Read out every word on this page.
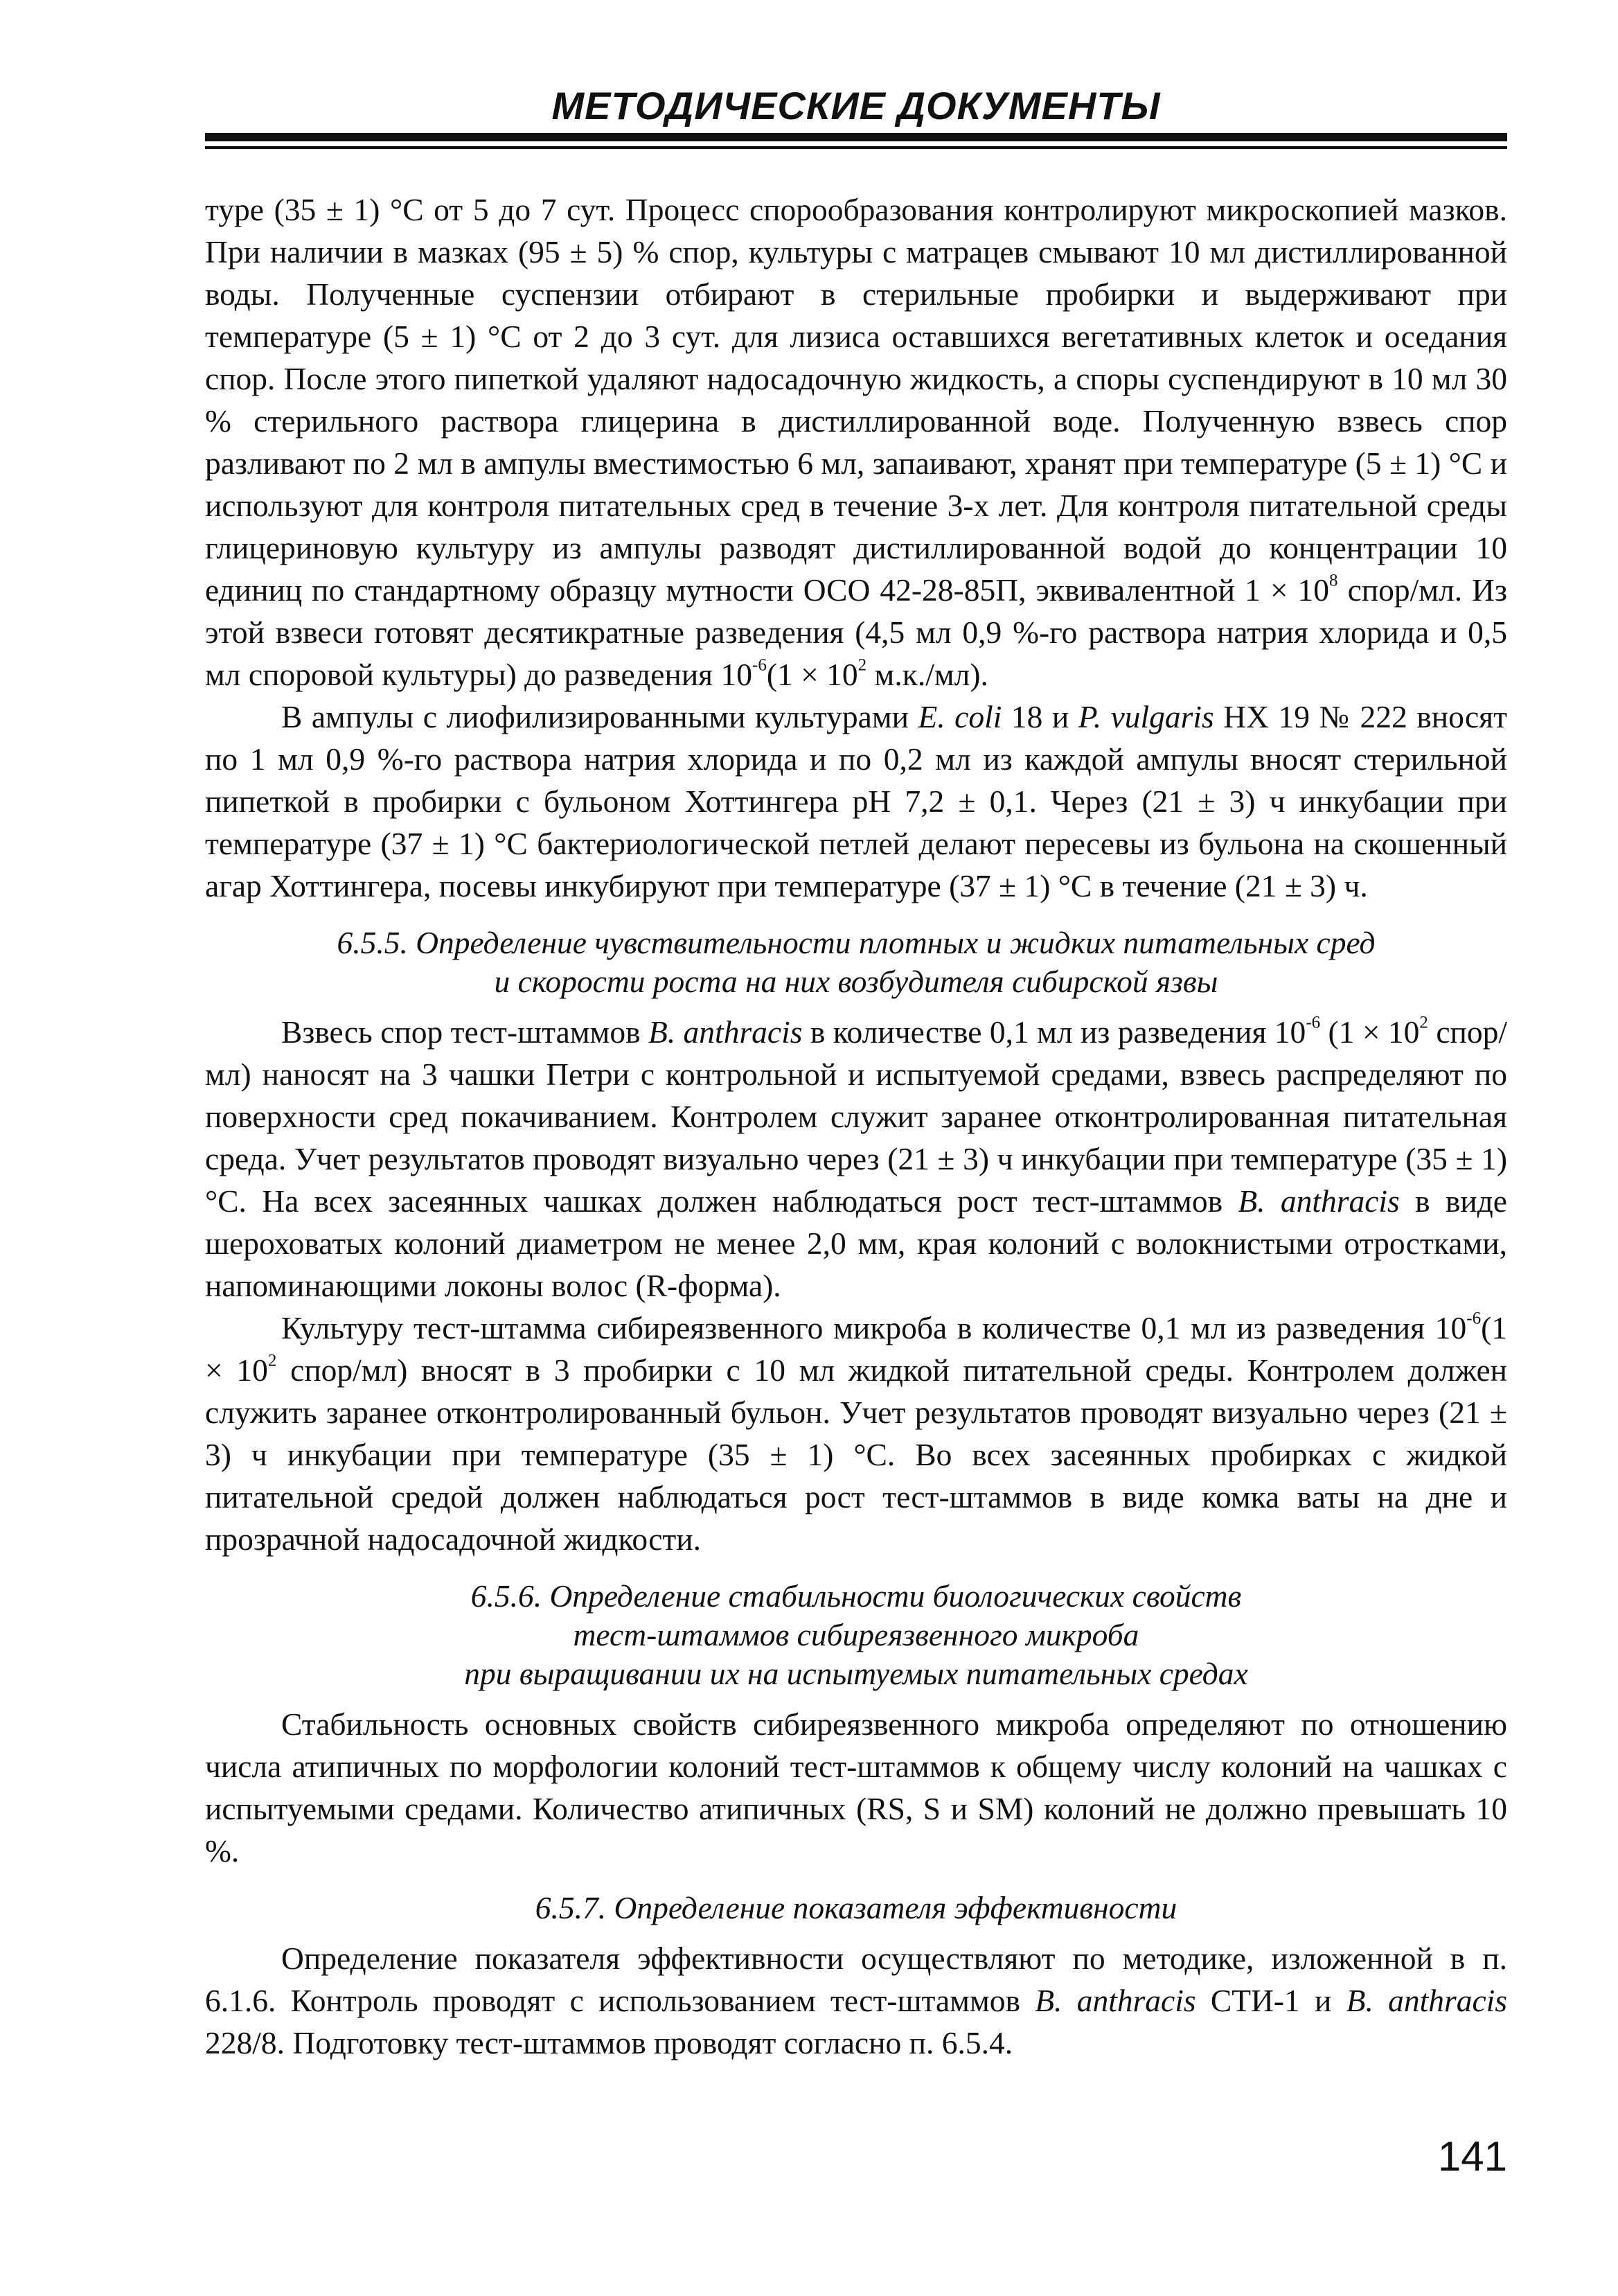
МЕТОДИЧЕСКИЕ ДОКУМЕНТЫ

туре (35 ± 1) °С от 5 до 7 сут. Процесс спорообразования контролируют микроскопией мазков. При наличии в мазках (95 ± 5) % спор, культуры с матрацев смывают 10 мл дистиллированной воды. Полученные суспензии отбирают в стерильные пробирки и выдерживают при температуре (5 ± 1) °С от 2 до 3 сут. для лизиса оставшихся вегетативных клеток и оседания спор. После этого пипеткой удаляют надосадочную жидкость, а споры суспендируют в 10 мл 30 % стерильного раствора глицерина в дистиллированной воде. Полученную взвесь спор разливают по 2 мл в ампулы вместимостью 6 мл, запаивают, хранят при температуре (5 ± 1) °С и используют для контроля питательных сред в течение 3-х лет. Для контроля питательной среды глицериновую культуру из ампулы разводят дистиллированной водой до концентрации 10 единиц по стандартному образцу мутности ОСО 42-28-85П, эквивалентной $1 \times 10^8$ спор/мл. Из этой взвеси готовят десятикратные разведения (4,5 мл 0,9 %-го раствора натрия хлорида и 0,5 мл споровой культуры) до разведения $10^{-6}(1 \times 10^2$ м.к./мл).

В ампулы с лиофилизированными культурами E. coli 18 и P. vulgaris НХ 19 № 222 вносят по 1 мл 0,9 %-го раствора натрия хлорида и по 0,2 мл из каждой ампулы вносят стерильной пипеткой в пробирки с бульоном Хоттингера рН 7,2 ± 0,1. Через (21 ± 3) ч инкубации при температуре (37 ± 1) °С бактериологической петлей делают пересевы из бульона на скошенный агар Хоттингера, посевы инкубируют при температуре (37 ± 1) °С в течение (21 ± 3) ч.

6.5.5. Определение чувствительности плотных и жидких питательных сред
и скорости роста на них возбудителя сибирской язвы

Взвесь спор тест-штаммов B. anthracis в количестве 0,1 мл из разведения $10^{-6}$ ($1 \times 10^2$ спор/мл) наносят на 3 чашки Петри с контрольной и испытуемой средами, взвесь распределяют по поверхности сред покачиванием. Контролем служит заранее отконтролированная питательная среда. Учет результатов проводят визуально через (21 ± 3) ч инкубации при температуре (35 ± 1) °С. На всех засеянных чашках должен наблюдаться рост тест-штаммов B. anthracis в виде шероховатых колоний диаметром не менее 2,0 мм, края колоний с волокнистыми отростками, напоминающими локоны волос (R-форма).

Культуру тест-штамма сибиреязвенного микроба в количестве 0,1 мл из разведения $10^{-6}(1 \times 10^2$ спор/мл) вносят в 3 пробирки с 10 мл жидкой питательной среды. Контролем должен служить заранее отконтролированный бульон. Учет результатов проводят визуально через (21 ± 3) ч инкубации при температуре (35 ± 1) °С. Во всех засеянных пробирках с жидкой питательной средой должен наблюдаться рост тест-штаммов в виде комка ваты на дне и прозрачной надосадочной жидкости.

6.5.6. Определение стабильности биологических свойств
тест-штаммов сибиреязвенного микроба
при выращивании их на испытуемых питательных средах

Стабильность основных свойств сибиреязвенного микроба определяют по отношению числа атипичных по морфологии колоний тест-штаммов к общему числу колоний на чашках с испытуемыми средами. Количество атипичных (RS, S и SM) колоний не должно превышать 10 %.

6.5.7. Определение показателя эффективности

Определение показателя эффективности осуществляют по методике, изложенной в п. 6.1.6. Контроль проводят с использованием тест-штаммов B. anthracis СТИ-1 и B. anthracis 228/8. Подготовку тест-штаммов проводят согласно п. 6.5.4.

141
